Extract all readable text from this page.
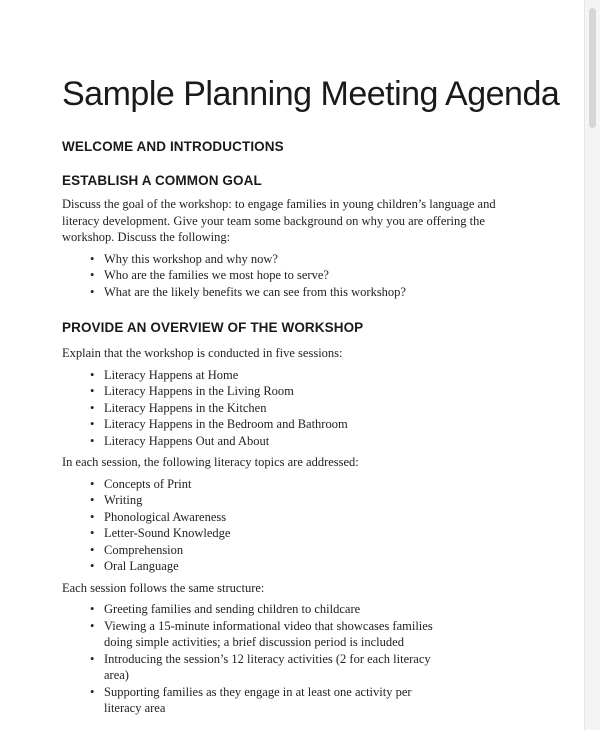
Sample Planning Meeting Agenda
WELCOME AND INTRODUCTIONS
ESTABLISH A COMMON GOAL

Discuss the goal of the workshop: to engage families in young children’s language and literacy development. Give your team some background on why you are offering the workshop. Discuss the following:

• Why this workshop and why now?
• Who are the families we most hope to serve?
• What are the likely benefits we can see from this workshop?
PROVIDE AN OVERVIEW OF THE WORKSHOP

Explain that the workshop is conducted in five sessions:

• Literacy Happens at Home
• Literacy Happens in the Living Room
• Literacy Happens in the Kitchen
• Literacy Happens in the Bedroom and Bathroom
• Literacy Happens Out and About

In each session, the following literacy topics are addressed:

• Concepts of Print
• Writing
• Phonological Awareness
• Letter-Sound Knowledge
• Comprehension
• Oral Language

Each session follows the same structure:

• Greeting families and sending children to childcare
• Viewing a 15-minute informational video that showcases families doing simple activities; a brief discussion period is included
• Introducing the session’s 12 literacy activities (2 for each literacy area)
• Supporting families as they engage in at least one activity per literacy area
